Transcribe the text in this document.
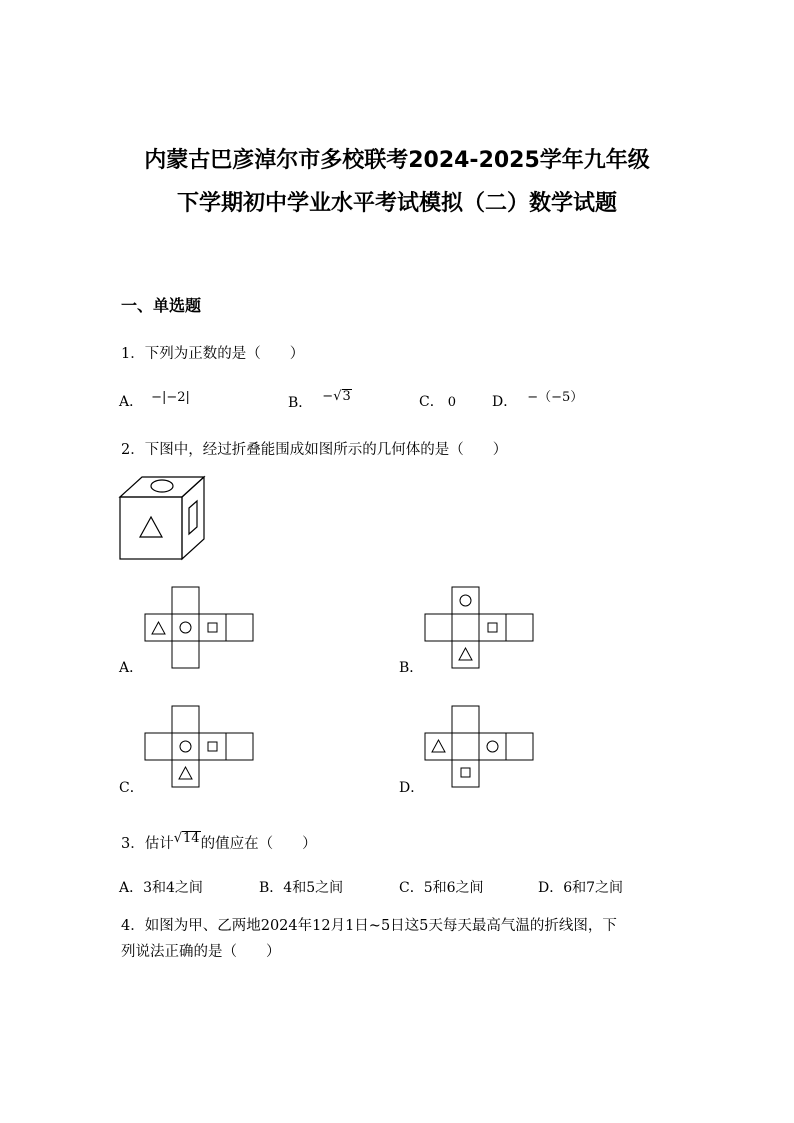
内蒙古巴彦淖尔市多校联考2024-2025学年九年级
下学期初中学业水平考试模拟（二）数学试题
一、单选题
1．下列为正数的是（　　）
A． −|−2|	B． −√3	C． 0	D． −（−5）
2．下图中，经过折叠能围成如图所示的几何体的是（　　）
A．	B．
C．	D．
3．估计√14的值应在（　　）
A．3和4之间	B．4和5之间	C．5和6之间	D．6和7之间
4．如图为甲、乙两地2024年12月1日~5日这5天每天最高气温的折线图，下
列说法正确的是（　　）
